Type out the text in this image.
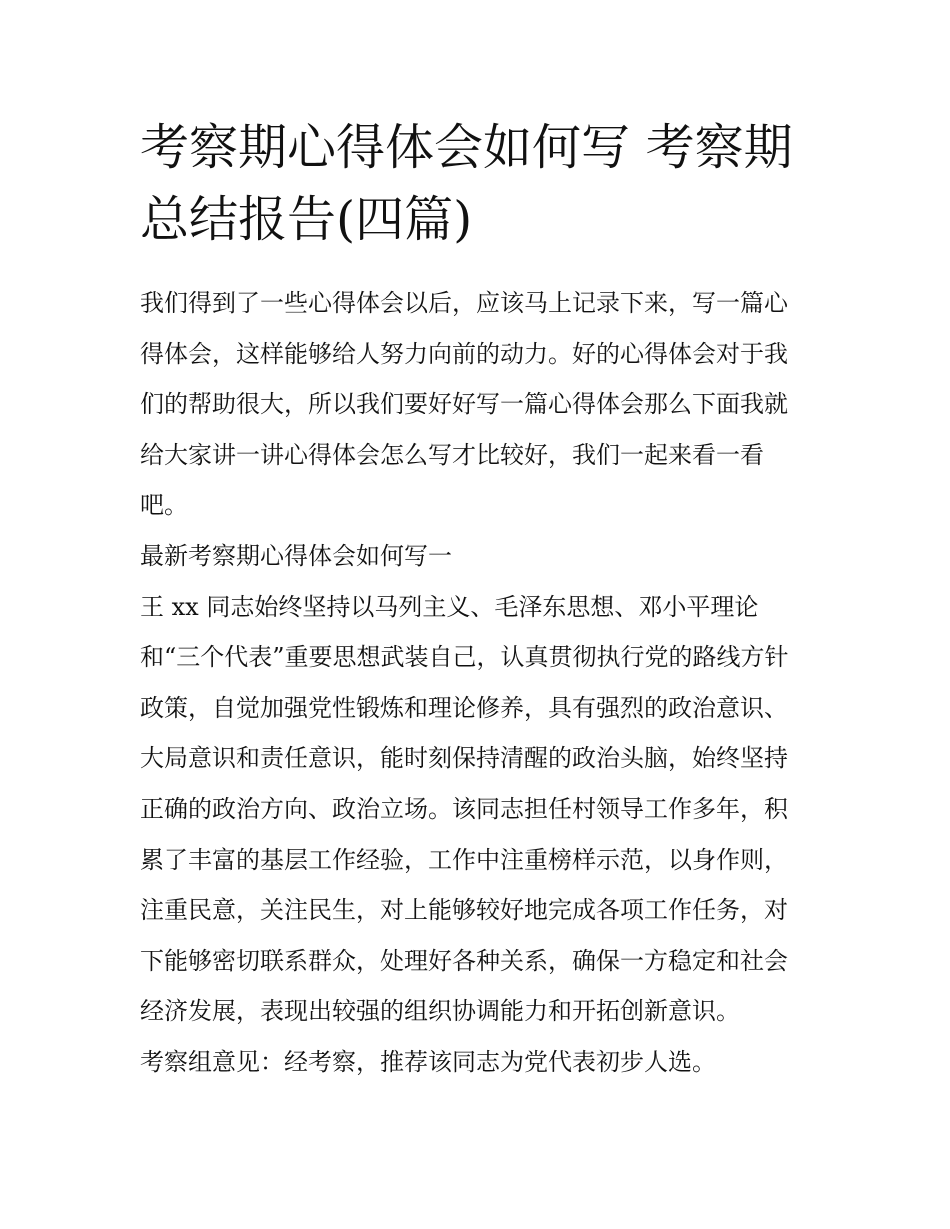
考察期心得体会如何写 考察期
总结报告(四篇)
我们得到了一些心得体会以后，应该马上记录下来，写一篇心
得体会，这样能够给人努力向前的动力。好的心得体会对于我
们的帮助很大，所以我们要好好写一篇心得体会那么下面我就
给大家讲一讲心得体会怎么写才比较好，我们一起来看一看
吧。
最新考察期心得体会如何写一
王 xx 同志始终坚持以马列主义、毛泽东思想、邓小平理论
和“三个代表”重要思想武装自己，认真贯彻执行党的路线方针
政策，自觉加强党性锻炼和理论修养，具有强烈的政治意识、
大局意识和责任意识，能时刻保持清醒的政治头脑，始终坚持
正确的政治方向、政治立场。该同志担任村领导工作多年，积
累了丰富的基层工作经验，工作中注重榜样示范，以身作则，
注重民意，关注民生，对上能够较好地完成各项工作任务，对
下能够密切联系群众，处理好各种关系，确保一方稳定和社会
经济发展，表现出较强的组织协调能力和开拓创新意识。
考察组意见：经考察，推荐该同志为党代表初步人选。
